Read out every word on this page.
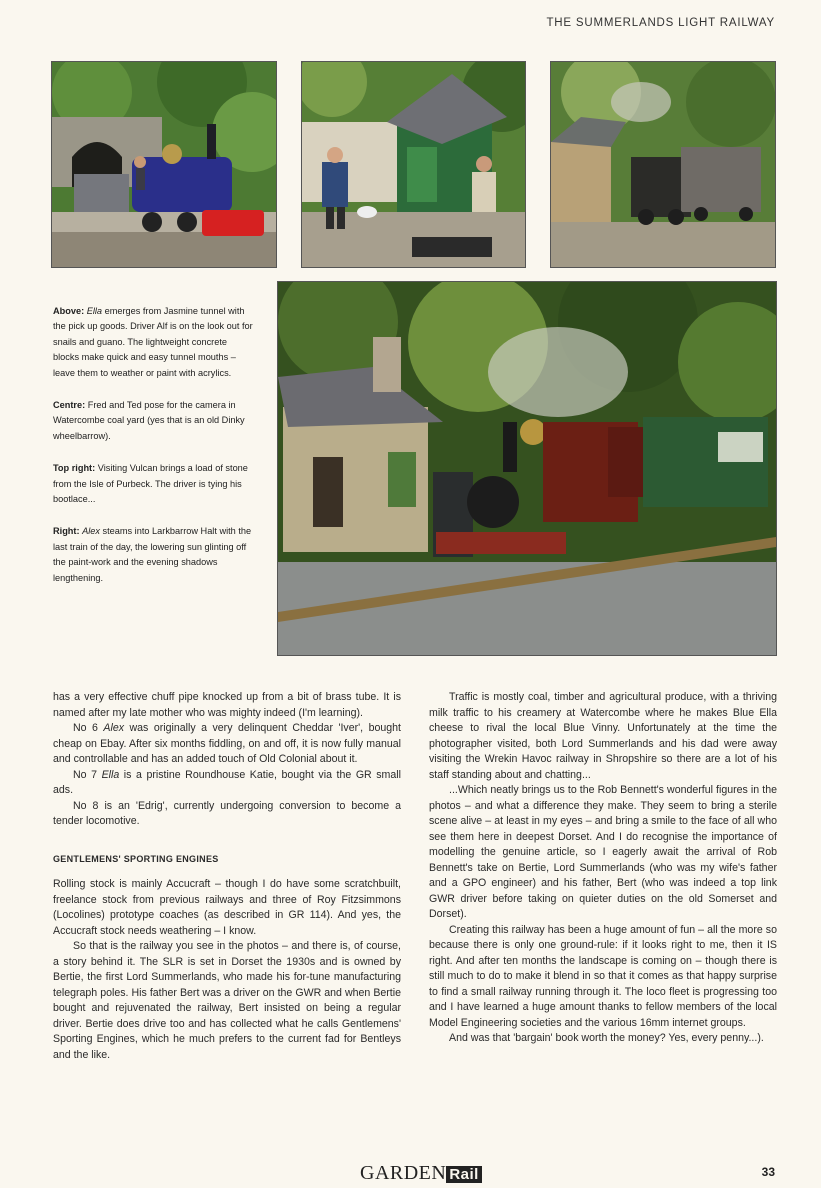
THE SUMMERLANDS LIGHT RAILWAY

Above: Ella emerges from Jasmine tunnel with the pick up goods. Driver Alf is on the look out for snails and guano. The lightweight concrete blocks make quick and easy tunnel mouths – leave them to weather or paint with acrylics.

Centre: Fred and Ted pose for the camera in Watercombe coal yard (yes that is an old Dinky wheelbarrow).

Top right: Visiting Vulcan brings a load of stone from the Isle of Purbeck. The driver is tying his bootlace...

Right: Alex steams into Larkbarrow Halt with the last train of the day, the lowering sun glinting off the paint-work and the evening shadows lengthening.

has a very effective chuff pipe knocked up from a bit of brass tube. It is named after my late mother who was mighty indeed (I'm learning).

No 6 Alex was originally a very delinquent Cheddar 'Iver', bought cheap on Ebay. After six months fiddling, on and off, it is now fully manual and controllable and has an added touch of Old Colonial about it.

No 7 Ella is a pristine Roundhouse Katie, bought via the GR small ads.

No 8 is an 'Edrig', currently undergoing conversion to become a tender locomotive.

GENTLEMENS' SPORTING ENGINES

Rolling stock is mainly Accucraft – though I do have some scratchbuilt, freelance stock from previous railways and three of Roy Fitzsimmons (Locolines) prototype coaches (as described in GR 114). And yes, the Accucraft stock needs weathering – I know.

So that is the railway you see in the photos – and there is, of course, a story behind it. The SLR is set in Dorset the 1930s and is owned by Bertie, the first Lord Summerlands, who made his for-tune manufacturing telegraph poles. His father Bert was a driver on the GWR and when Bertie bought and rejuvenated the railway, Bert insisted on being a regular driver. Bertie does drive too and has collected what he calls Gentlemens' Sporting Engines, which he much prefers to the current fad for Bentleys and the like.

Traffic is mostly coal, timber and agricultural produce, with a thriving milk traffic to his creamery at Watercombe where he makes Blue Ella cheese to rival the local Blue Vinny. Unfortunately at the time the photographer visited, both Lord Summerlands and his dad were away visiting the Wrekin Havoc railway in Shropshire so there are a lot of his staff standing about and chatting...

...Which neatly brings us to the Rob Bennett's wonderful figures in the photos – and what a difference they make. They seem to bring a sterile scene alive – at least in my eyes – and bring a smile to the face of all who see them here in deepest Dorset. And I do recognise the importance of modelling the genuine article, so I eagerly await the arrival of Rob Bennett's take on Bertie, Lord Summerlands (who was my wife's father and a GPO engineer) and his father, Bert (who was indeed a top link GWR driver before taking on quieter duties on the old Somerset and Dorset).

Creating this railway has been a huge amount of fun – all the more so because there is only one ground-rule: if it looks right to me, then it IS right. And after ten months the landscape is coming on – though there is still much to do to make it blend in so that it comes as that happy surprise to find a small railway running through it. The loco fleet is progressing too and I have learned a huge amount thanks to fellow members of the local Model Engineering societies and the various 16mm internet groups.

And was that 'bargain' book worth the money? Yes, every penny...).

GARDEN Rail	33
